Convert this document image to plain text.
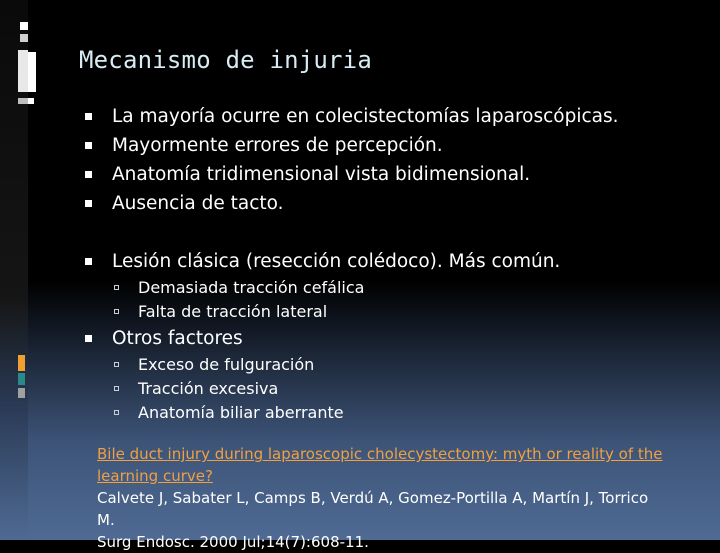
Mecanismo de injuria
La mayoría ocurre en colecistectomías laparoscópicas.
Mayormente errores de percepción.
Anatomía tridimensional vista bidimensional.
Ausencia de tacto.
Lesión clásica (resección colédoco). Más común.
Demasiada tracción cefálica
Falta de tracción lateral
Otros factores
Exceso de fulguración
Tracción excesiva
Anatomía biliar aberrante
Bile duct injury during laparoscopic cholecystectomy: myth or reality of the learning curve?
Calvete J, Sabater L, Camps B, Verdú A, Gomez-Portilla A, Martín J, Torrico M.
Surg Endosc. 2000 Jul;14(7):608-11.
